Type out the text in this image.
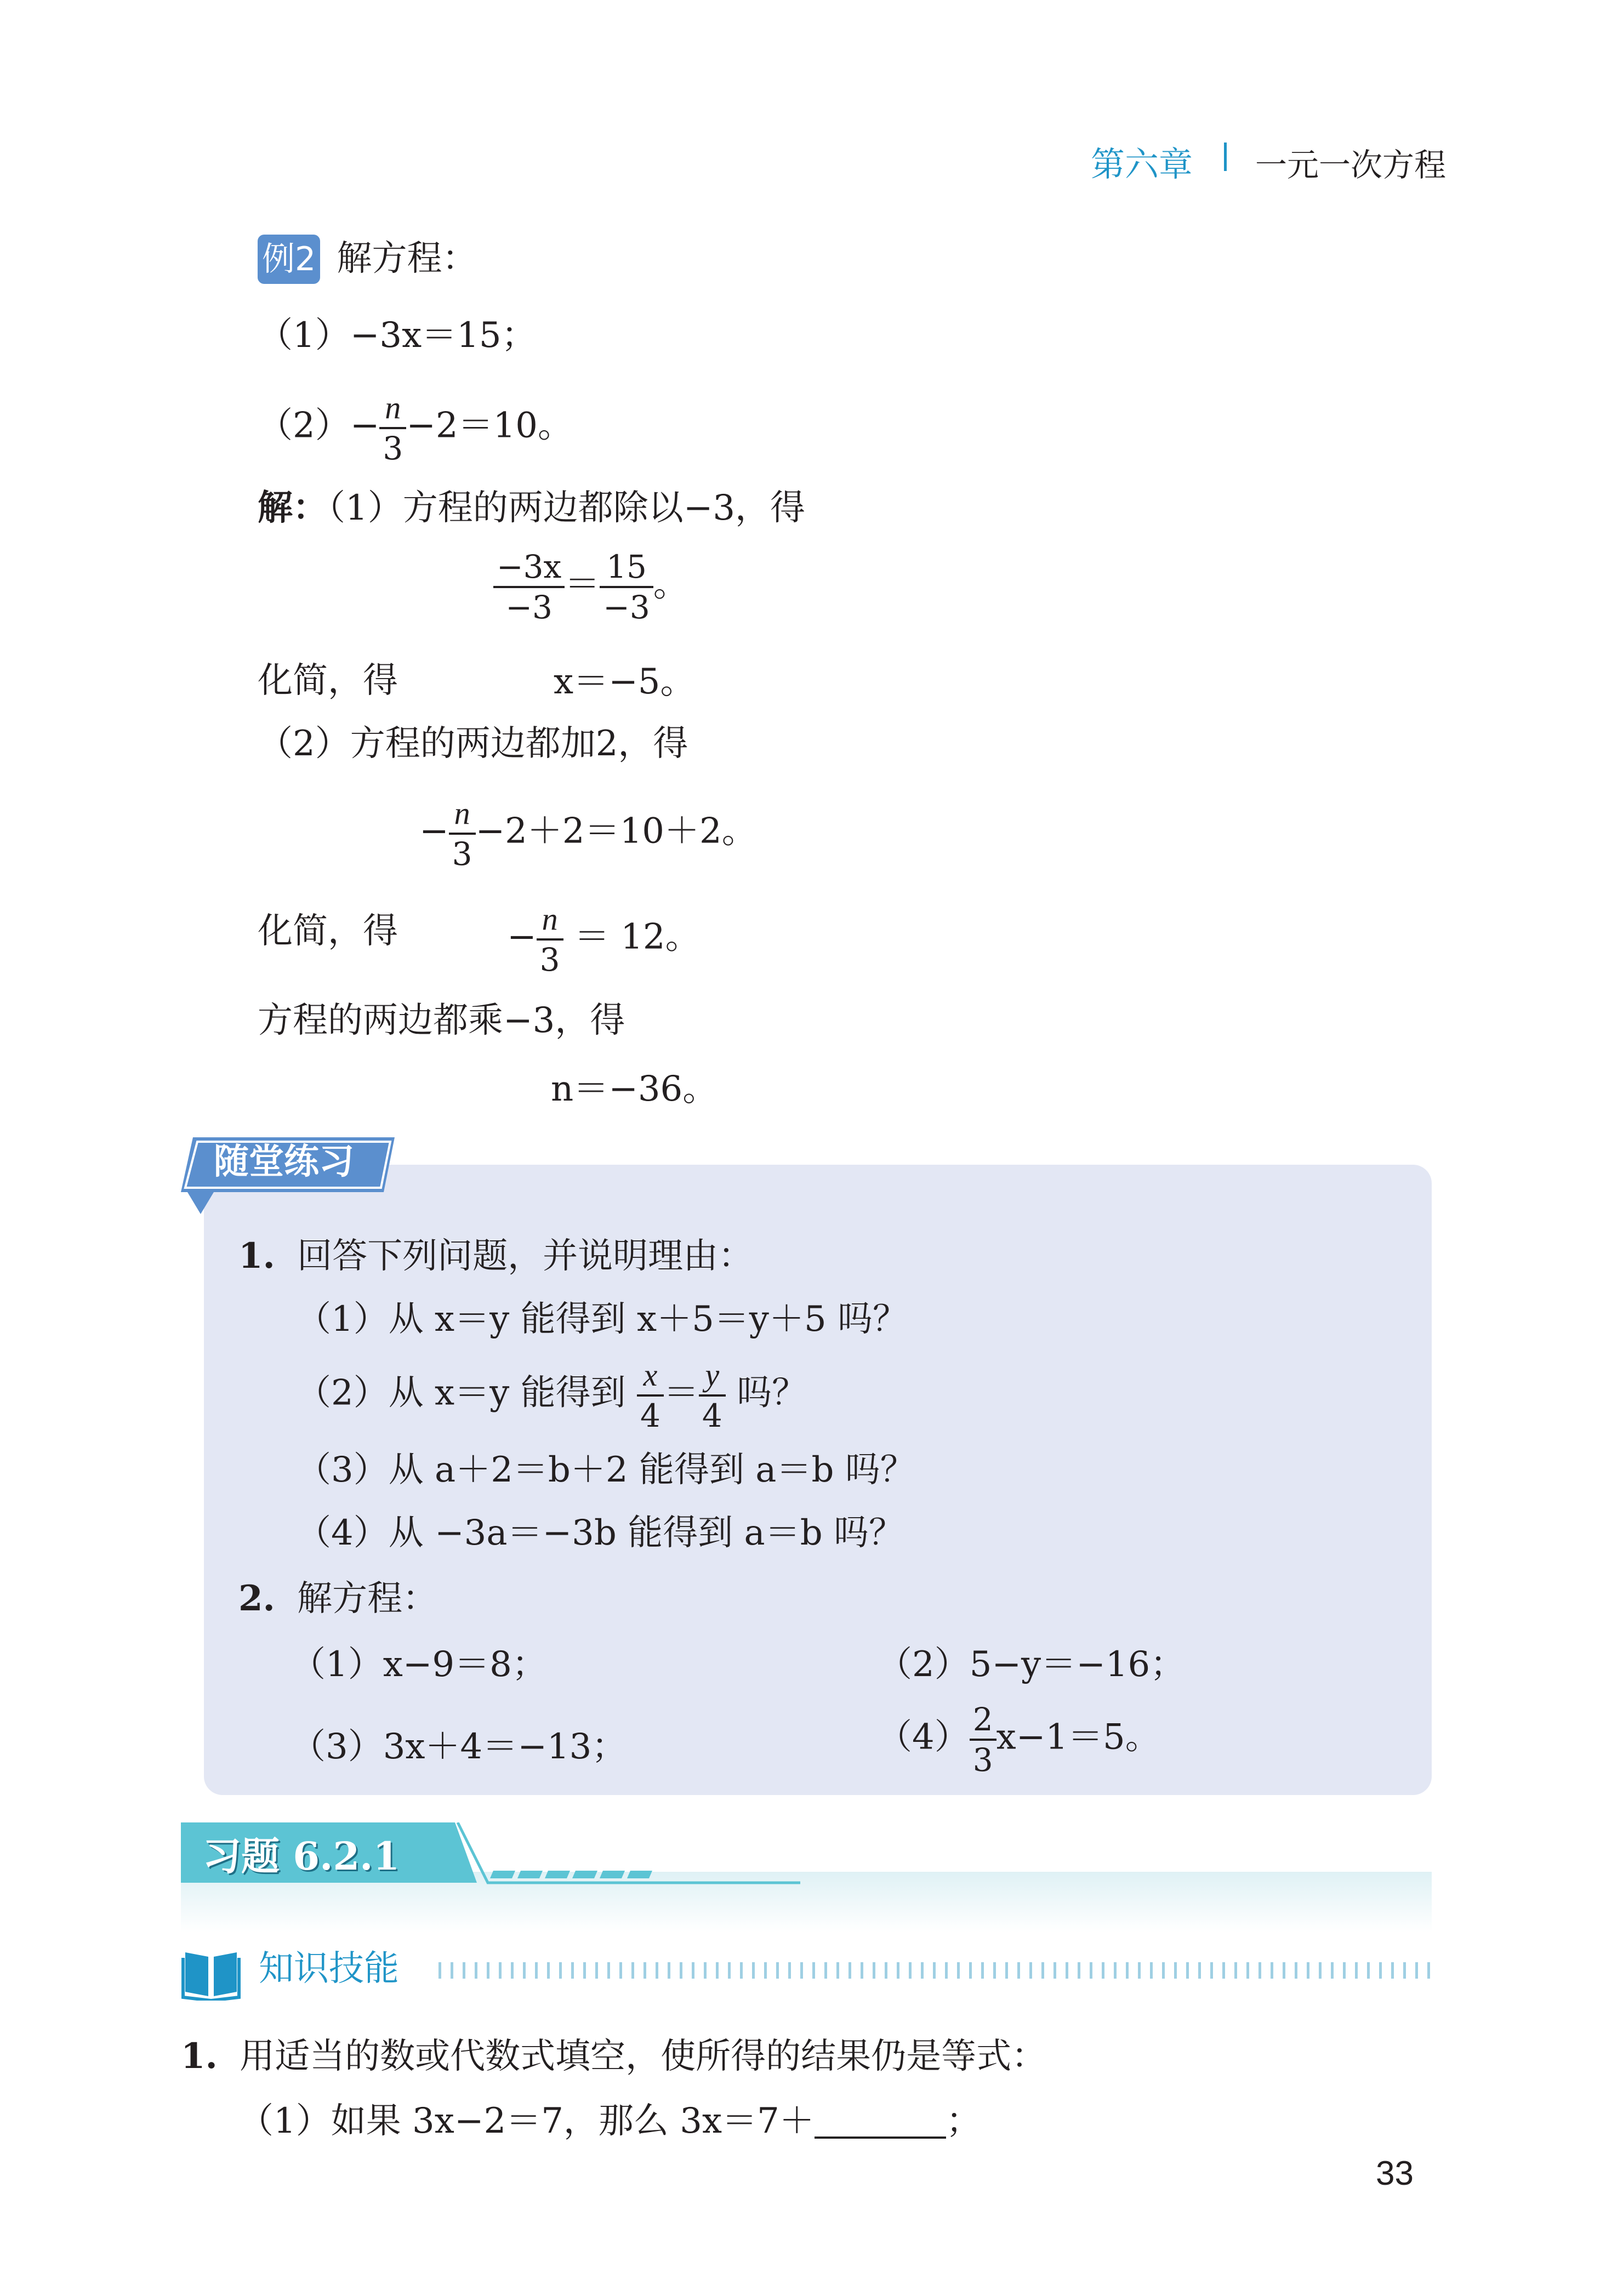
第六章 一元一次方程
例2 解方程：
（1）−3x＝15；
$(2)- \frac{n}{3} -2=10$。
解：（1）方程的两边都除以−3，得
$\frac{-3x}{-3} = \frac{15}{-3}$ 。
化简，得	x＝−5。
（2）方程的两边都加2，得
− $\frac{n}{3} -2+2=10+2$。
化简，得	− $\frac{n}{3} = 12$。
方程的两边都乘−3，得
n＝−36。
随堂练习
1. 回答下列问题，并说明理由：
（1）从 x＝y 能得到 x＋5＝y＋5 吗？
（2）从 x＝y 能得到 $\frac{x}{4} = \frac{y}{4}$ 吗？
（3）从 a＋2＝b＋2 能得到 a＝b 吗？
（4）从 −3a＝−3b 能得到 a＝b 吗？
2. 解方程：
（1）x−9＝8；	（2）5−y＝−16；
（3）3x＋4＝−13；	$(4) \frac{2}{3} x-1=5$。
习题 6.2.1
知识技能
1. 用适当的数或代数式填空，使所得的结果仍是等式：
（1）如果 3x−2＝7，那么 3x＝7＋	；
33
